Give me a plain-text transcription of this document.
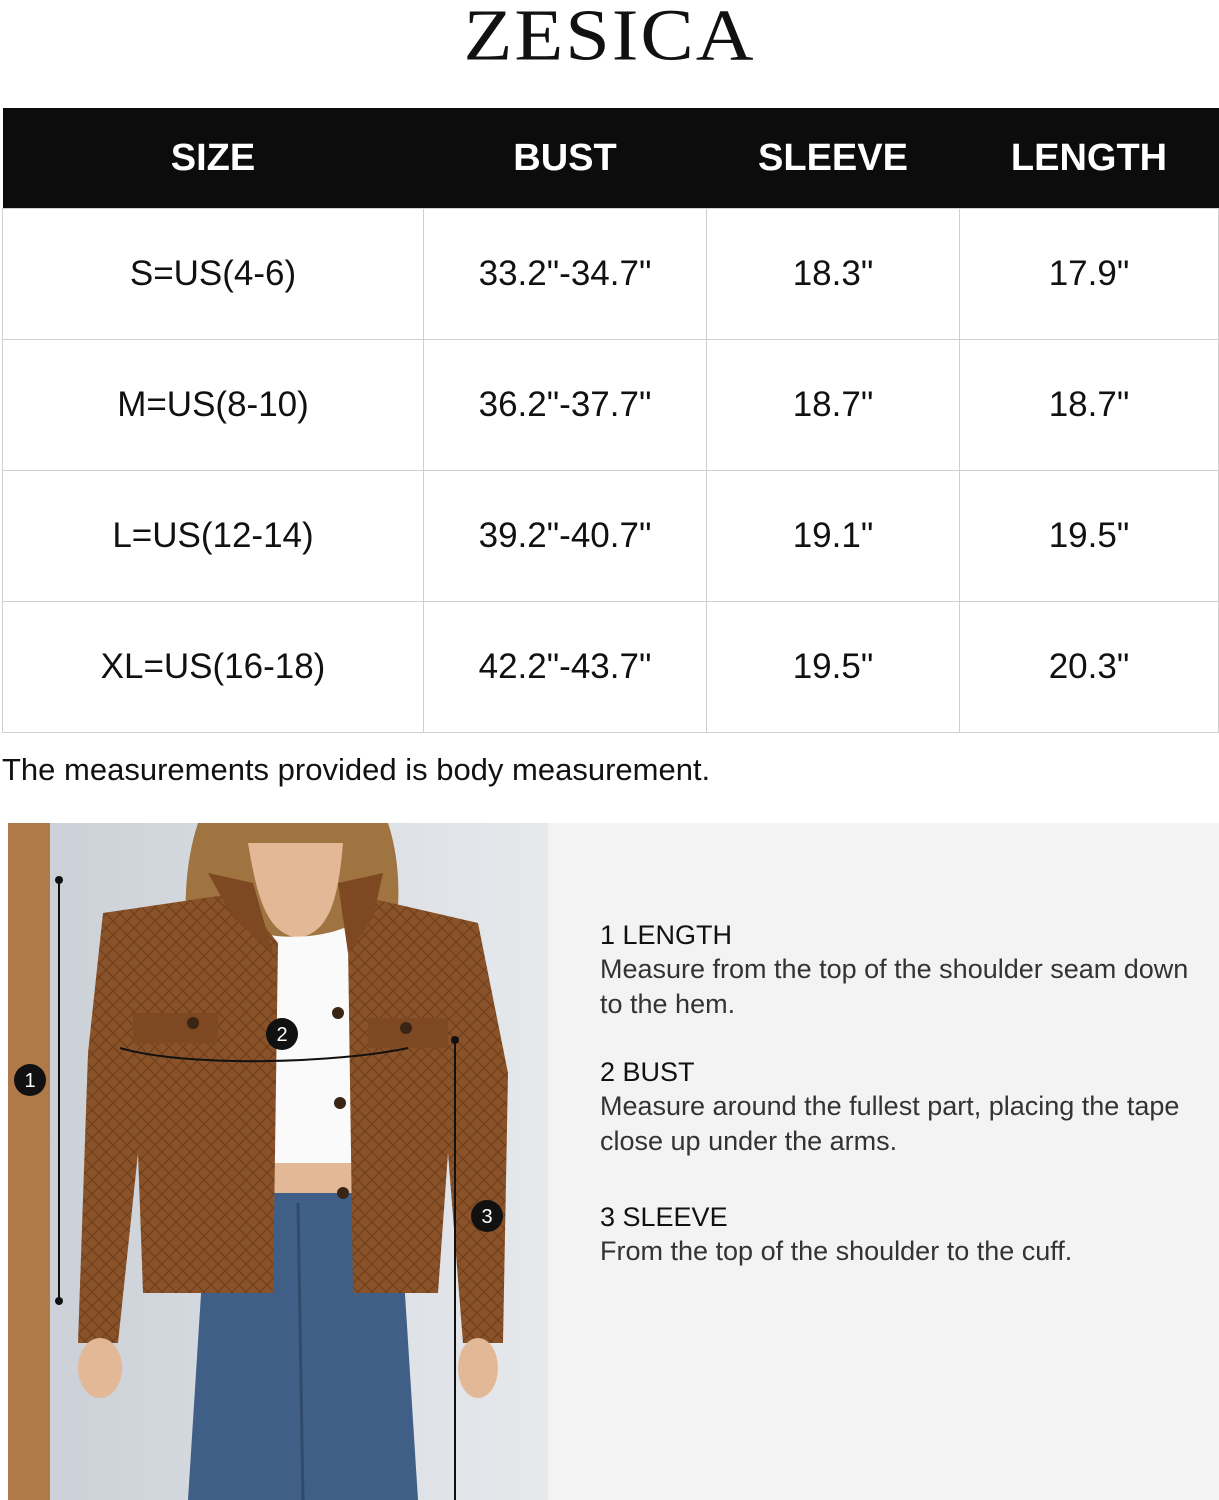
ZESICA
SIZE	BUST	SLEEVE	LENGTH
S=US(4-6)	33.2"-34.7"	18.3"	17.9"
M=US(8-10)	36.2"-37.7"	18.7"	18.7"
L=US(12-14)	39.2"-40.7"	19.1"	19.5"
XL=US(16-18)	42.2"-43.7"	19.5"	20.3"
The measurements provided is body measurement.
1
2
3
1 LENGTH
Measure from the top of the shoulder seam down to the hem.
2 BUST
Measure around the fullest part, placing the tape close up under the arms.
3 SLEEVE
From the top of the shoulder to the cuff.
